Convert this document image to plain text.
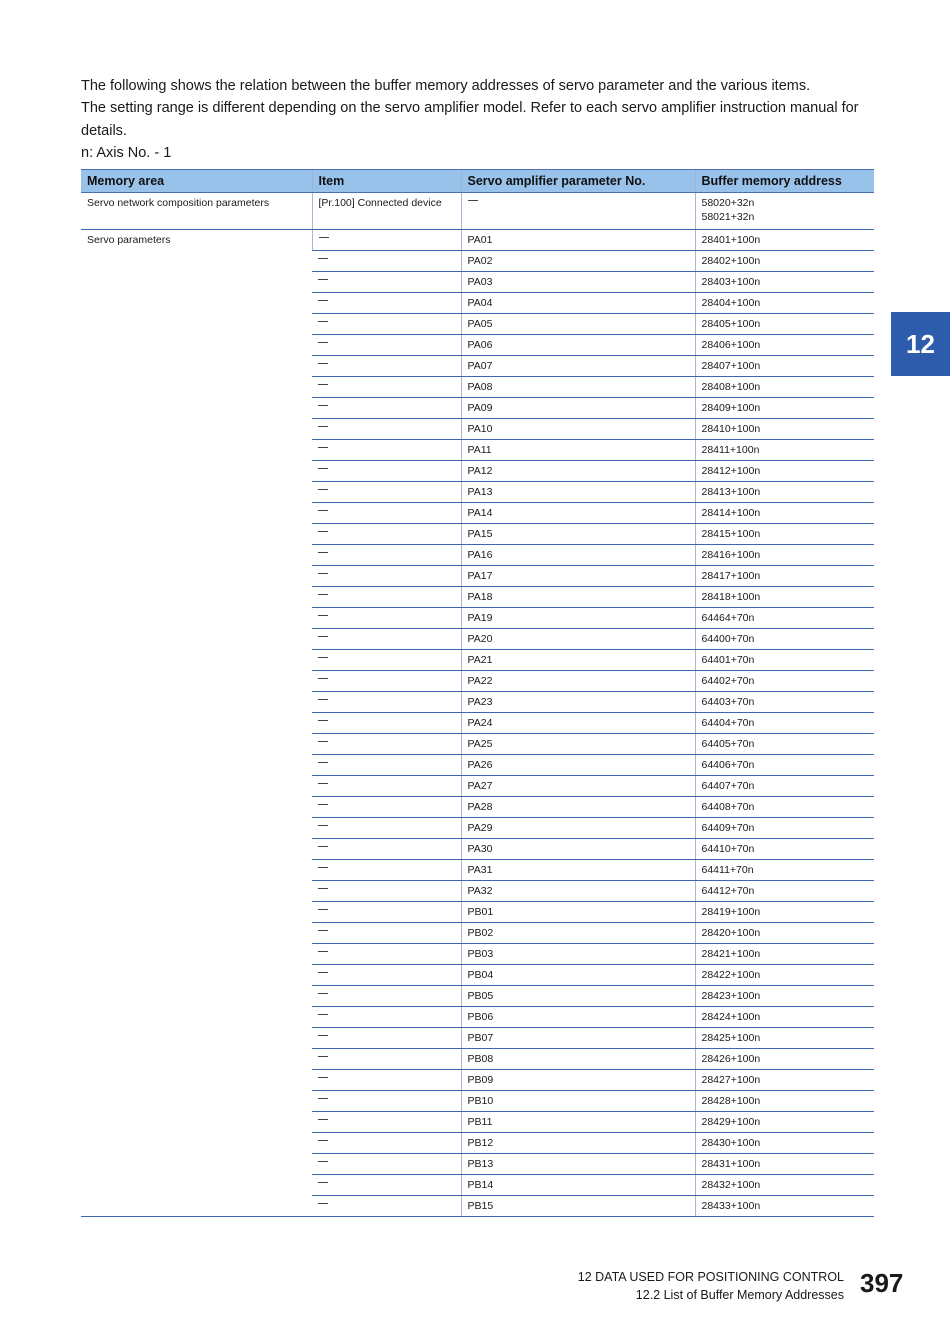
The following shows the relation between the buffer memory addresses of servo parameter and the various items.

The setting range is different depending on the servo amplifier model. Refer to each servo amplifier instruction manual for details.

n: Axis No. - 1

Memory area	Item	Servo amplifier parameter No.	Buffer memory address
Servo network composition parameters	[Pr.100] Connected device		58020+32n
58021+32n

Servo parameters		PA01	28401+100n
		PA02	28402+100n
		PA03	28403+100n
		PA04	28404+100n
		PA05	28405+100n
		PA06	28406+100n
		PA07	28407+100n
		PA08	28408+100n
		PA09	28409+100n
		PA10	28410+100n
		PA11	28411+100n
		PA12	28412+100n
		PA13	28413+100n
		PA14	28414+100n
		PA15	28415+100n
		PA16	28416+100n
		PA17	28417+100n
		PA18	28418+100n
		PA19	64464+70n
		PA20	64400+70n
		PA21	64401+70n
		PA22	64402+70n
		PA23	64403+70n
		PA24	64404+70n
		PA25	64405+70n
		PA26	64406+70n
		PA27	64407+70n
		PA28	64408+70n
		PA29	64409+70n
		PA30	64410+70n
		PA31	64411+70n
		PA32	64412+70n
		PB01	28419+100n
		PB02	28420+100n
		PB03	28421+100n
		PB04	28422+100n
		PB05	28423+100n
		PB06	28424+100n
		PB07	28425+100n
		PB08	28426+100n
		PB09	28427+100n
		PB10	28428+100n
		PB11	28429+100n
		PB12	28430+100n
		PB13	28431+100n
		PB14	28432+100n
		PB15	28433+100n
12
12 DATA USED FOR POSITIONING CONTROL
12.2 List of Buffer Memory Addresses 397
